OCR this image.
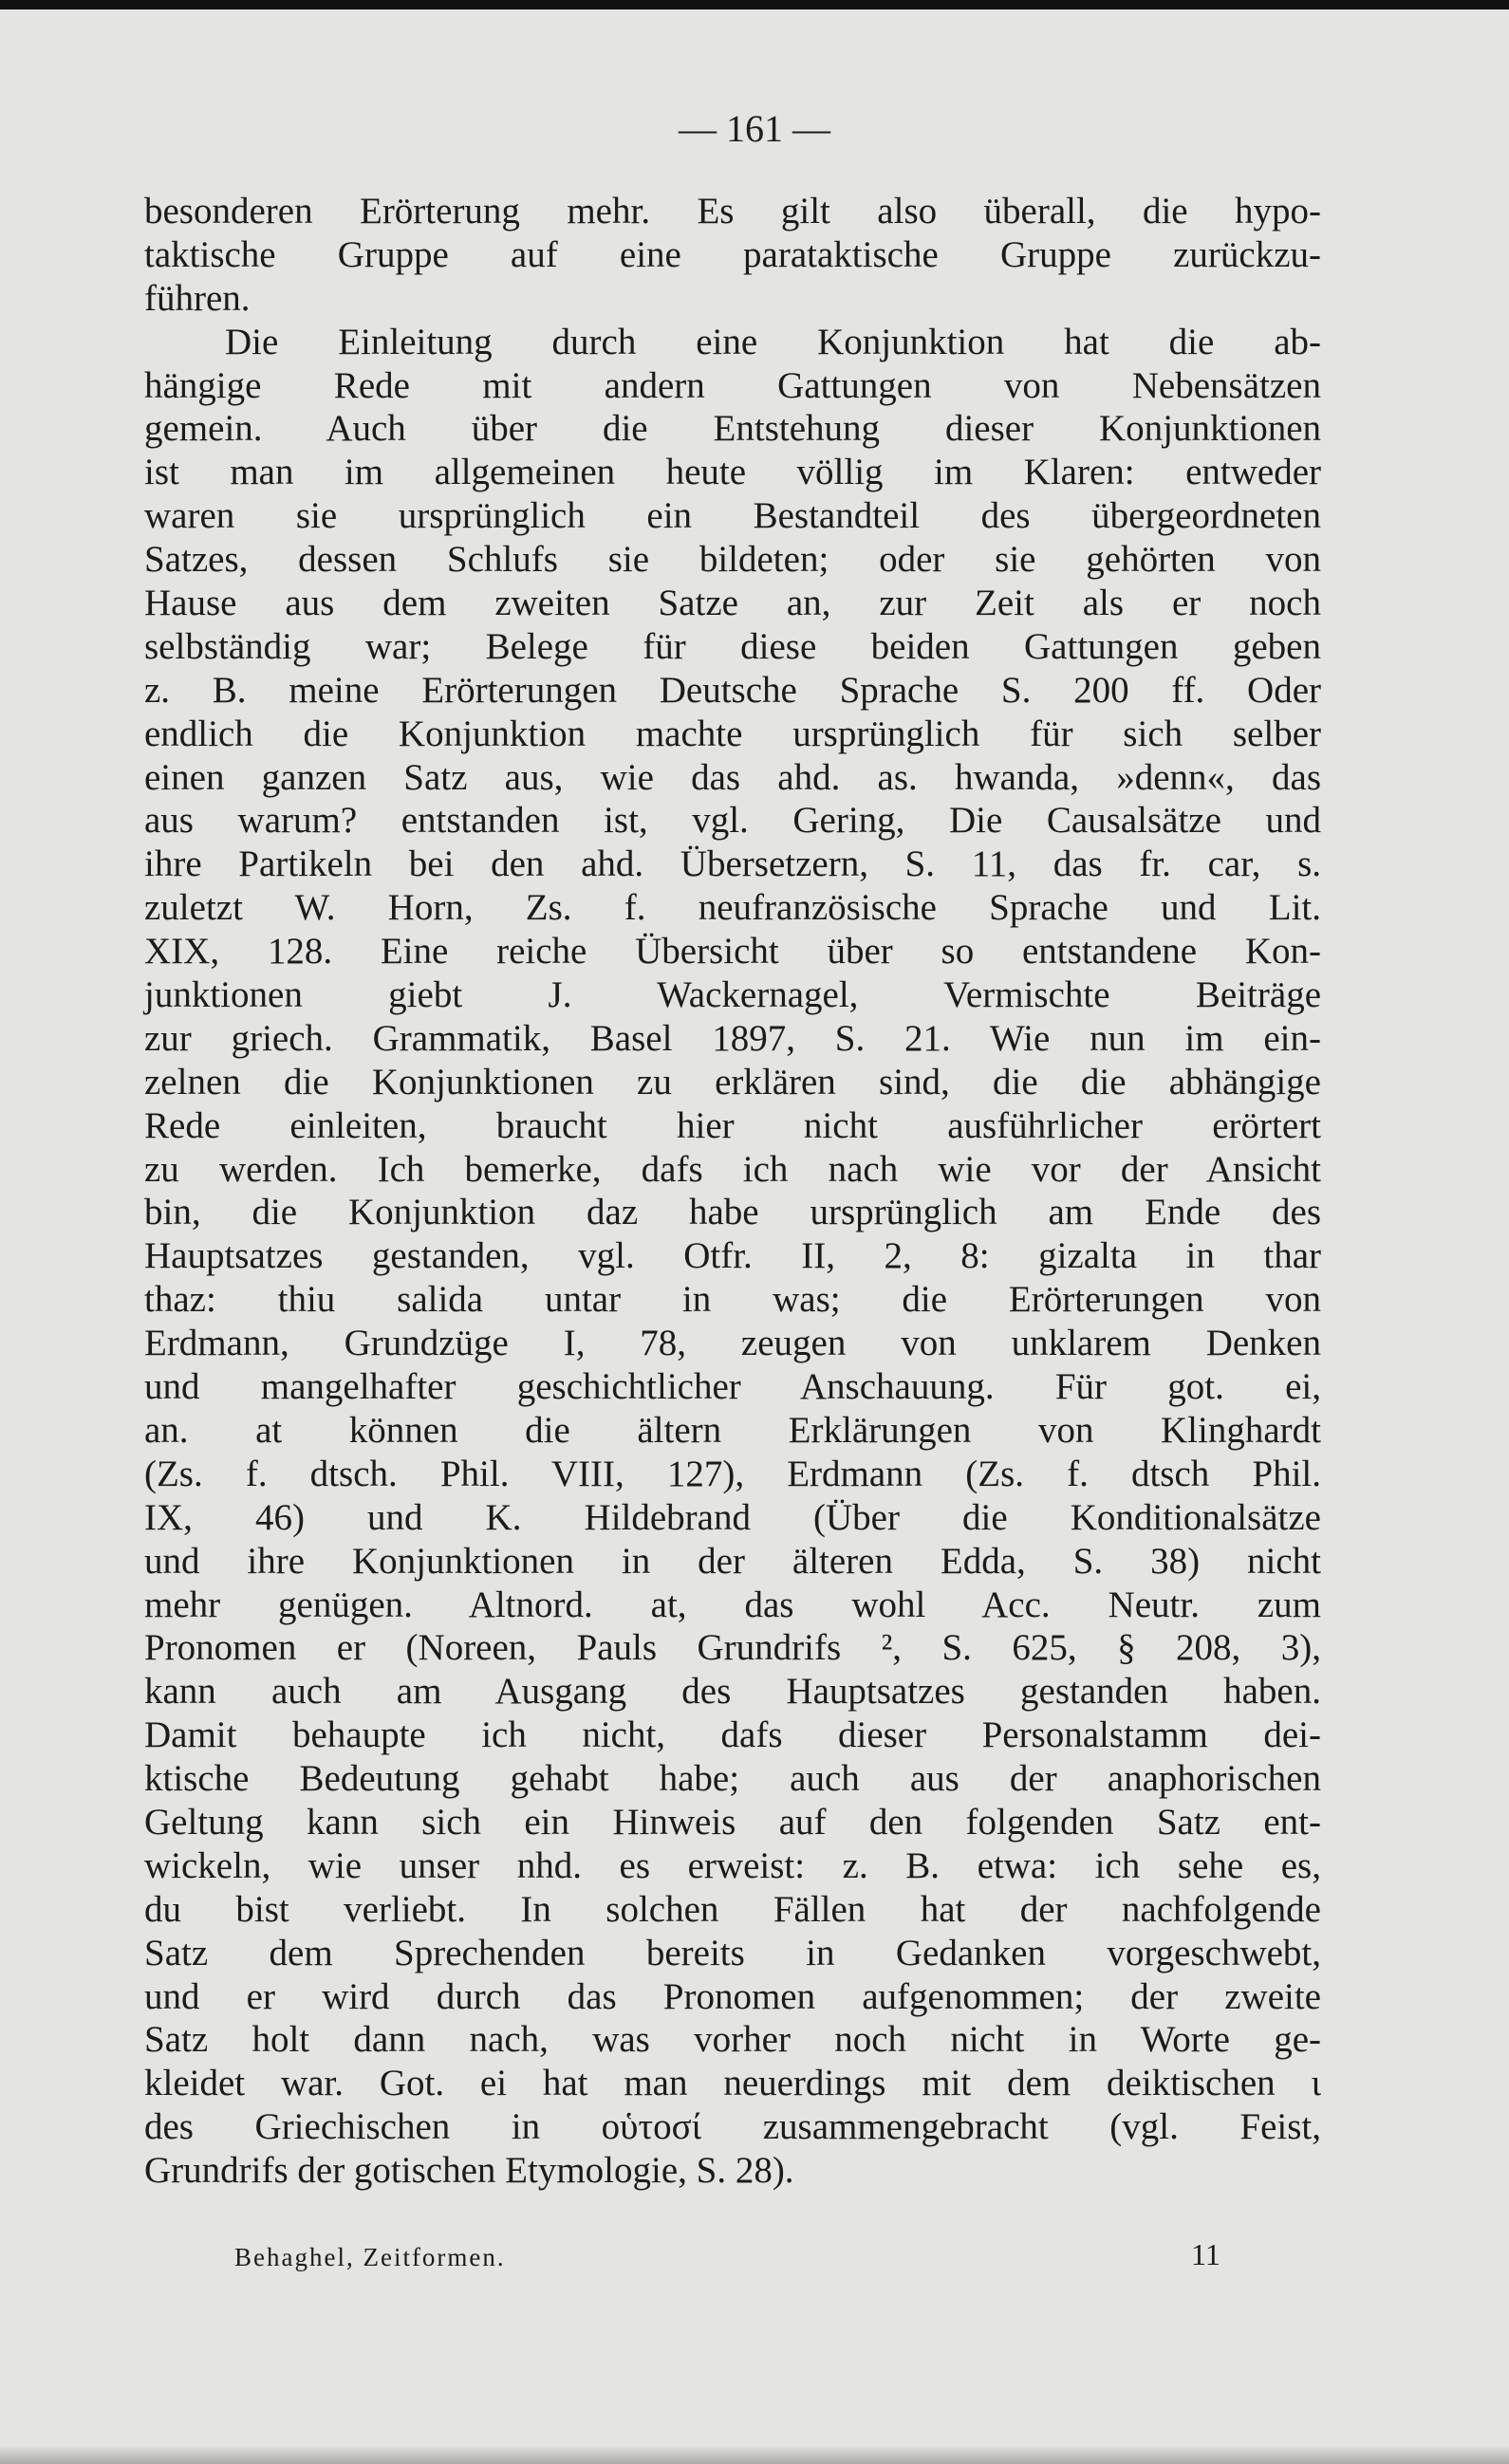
— 161 —

besonderen Erörterung mehr. Es gilt also überall, die hypo-
taktische Gruppe auf eine parataktische Gruppe zurückzu-
führen.
Die Einleitung durch eine Konjunktion hat die ab-
hängige Rede mit andern Gattungen von Nebensätzen
gemein. Auch über die Entstehung dieser Konjunktionen
ist man im allgemeinen heute völlig im Klaren: entweder
waren sie ursprünglich ein Bestandteil des übergeordneten
Satzes, dessen Schlufs sie bildeten; oder sie gehörten von
Hause aus dem zweiten Satze an, zur Zeit als er noch
selbständig war; Belege für diese beiden Gattungen geben
z. B. meine Erörterungen Deutsche Sprache S. 200 ff. Oder
endlich die Konjunktion machte ursprünglich für sich selber
einen ganzen Satz aus, wie das ahd. as. hwanda, »denn«, das
aus warum? entstanden ist, vgl. Gering, Die Causalsätze und
ihre Partikeln bei den ahd. Übersetzern, S. 11, das fr. car, s.
zuletzt W. Horn, Zs. f. neufranzösische Sprache und Lit.
XIX, 128. Eine reiche Übersicht über so entstandene Kon-
junktionen giebt J. Wackernagel, Vermischte Beiträge
zur griech. Grammatik, Basel 1897, S. 21. Wie nun im ein-
zelnen die Konjunktionen zu erklären sind, die die abhängige
Rede einleiten, braucht hier nicht ausführlicher erörtert
zu werden. Ich bemerke, dafs ich nach wie vor der Ansicht
bin, die Konjunktion daz habe ursprünglich am Ende des
Hauptsatzes gestanden, vgl. Otfr. II, 2, 8: gizalta in thar
thaz: thiu salida untar in was; die Erörterungen von
Erdmann, Grundzüge I, 78, zeugen von unklarem Denken
und mangelhafter geschichtlicher Anschauung. Für got. ei,
an. at können die ältern Erklärungen von Klinghardt
(Zs. f. dtsch. Phil. VIII, 127), Erdmann (Zs. f. dtsch Phil.
IX, 46) und K. Hildebrand (Über die Konditionalsätze
und ihre Konjunktionen in der älteren Edda, S. 38) nicht
mehr genügen. Altnord. at, das wohl Acc. Neutr. zum
Pronomen er (Noreen, Pauls Grundrifs ², S. 625, § 208, 3),
kann auch am Ausgang des Hauptsatzes gestanden haben.
Damit behaupte ich nicht, dafs dieser Personalstamm dei-
ktische Bedeutung gehabt habe; auch aus der anaphorischen
Geltung kann sich ein Hinweis auf den folgenden Satz ent-
wickeln, wie unser nhd. es erweist: z. B. etwa: ich sehe es,
du bist verliebt. In solchen Fällen hat der nachfolgende
Satz dem Sprechenden bereits in Gedanken vorgeschwebt,
und er wird durch das Pronomen aufgenommen; der zweite
Satz holt dann nach, was vorher noch nicht in Worte ge-
kleidet war. Got. ei hat man neuerdings mit dem deiktischen ι
des Griechischen in οὑτοσί zusammengebracht (vgl. Feist,
Grundrifs der gotischen Etymologie, S. 28).
Behaghel, Zeitformen.	11
